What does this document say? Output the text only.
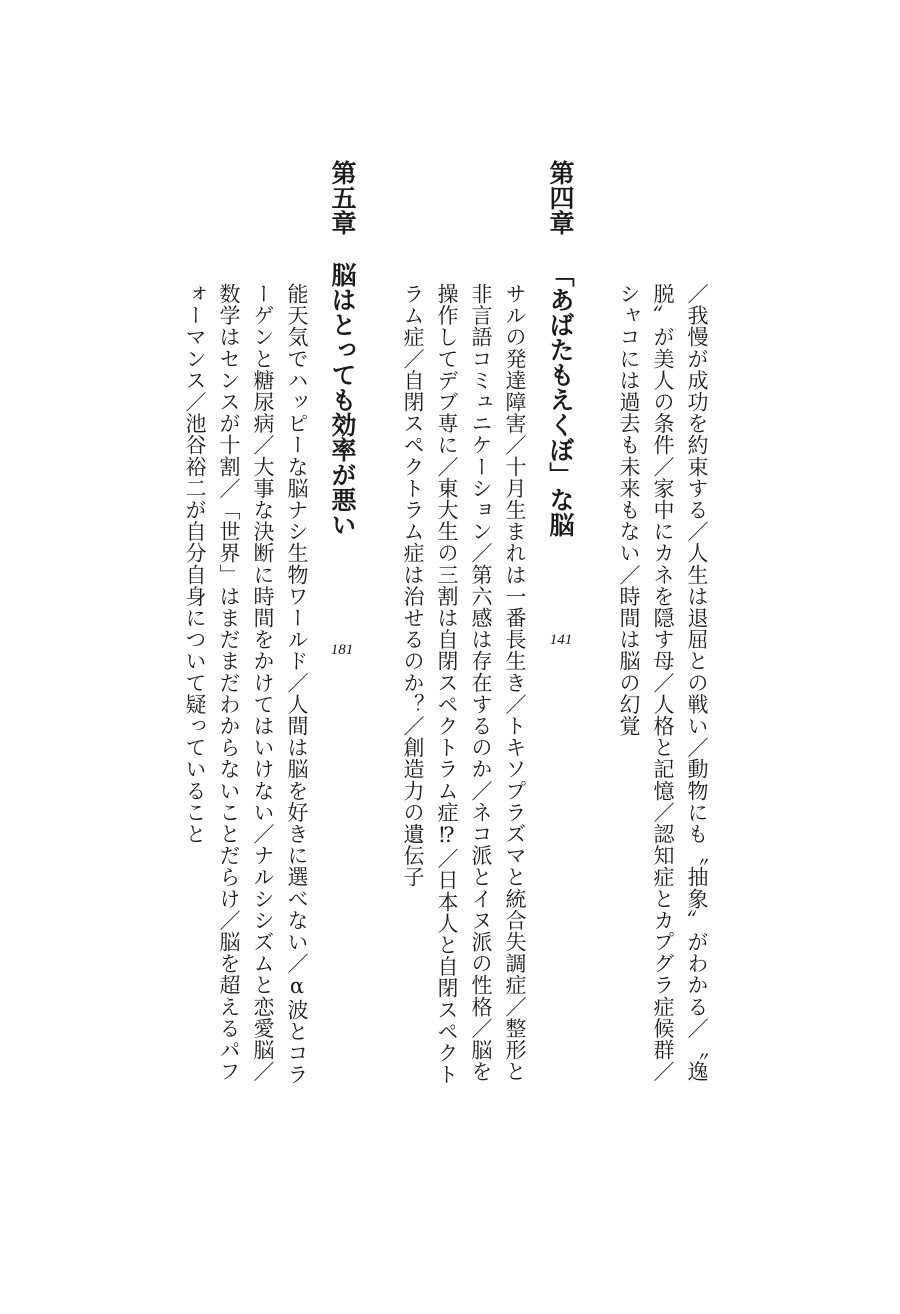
／我慢が成功を約束する／人生は退屈との戦い／動物にも〝抽象〟がわかる／〝逸
脱〟が美人の条件／家中にカネを隠す母／人格と記憶／認知症とカプグラ症候群／
シャコには過去も未来もない／時間は脳の幻覚
第四章
「あばたもえくぼ」な脳
141
サルの発達障害／十月生まれは一番長生き／トキソプラズマと統合失調症／整形と
非言語コミュニケーション／第六感は存在するのか／ネコ派とイヌ派の性格／脳を
操作してデブ専に／東大生の三割は自閉スペクトラム症⁉／日本人と自閉スペクト
ラム症／自閉スペクトラム症は治せるのか？／創造力の遺伝子
第五章
脳はとっても効率が悪い
181
能天気でハッピーな脳ナシ生物ワールド／人間は脳を好きに選べない／α波とコラ
ーゲンと糖尿病／大事な決断に時間をかけてはいけない／ナルシシズムと恋愛脳／
数学はセンスが十割／「世界」はまだまだわからないことだらけ／脳を超えるパフ
ォーマンス／池谷裕二が自分自身について疑っていること
